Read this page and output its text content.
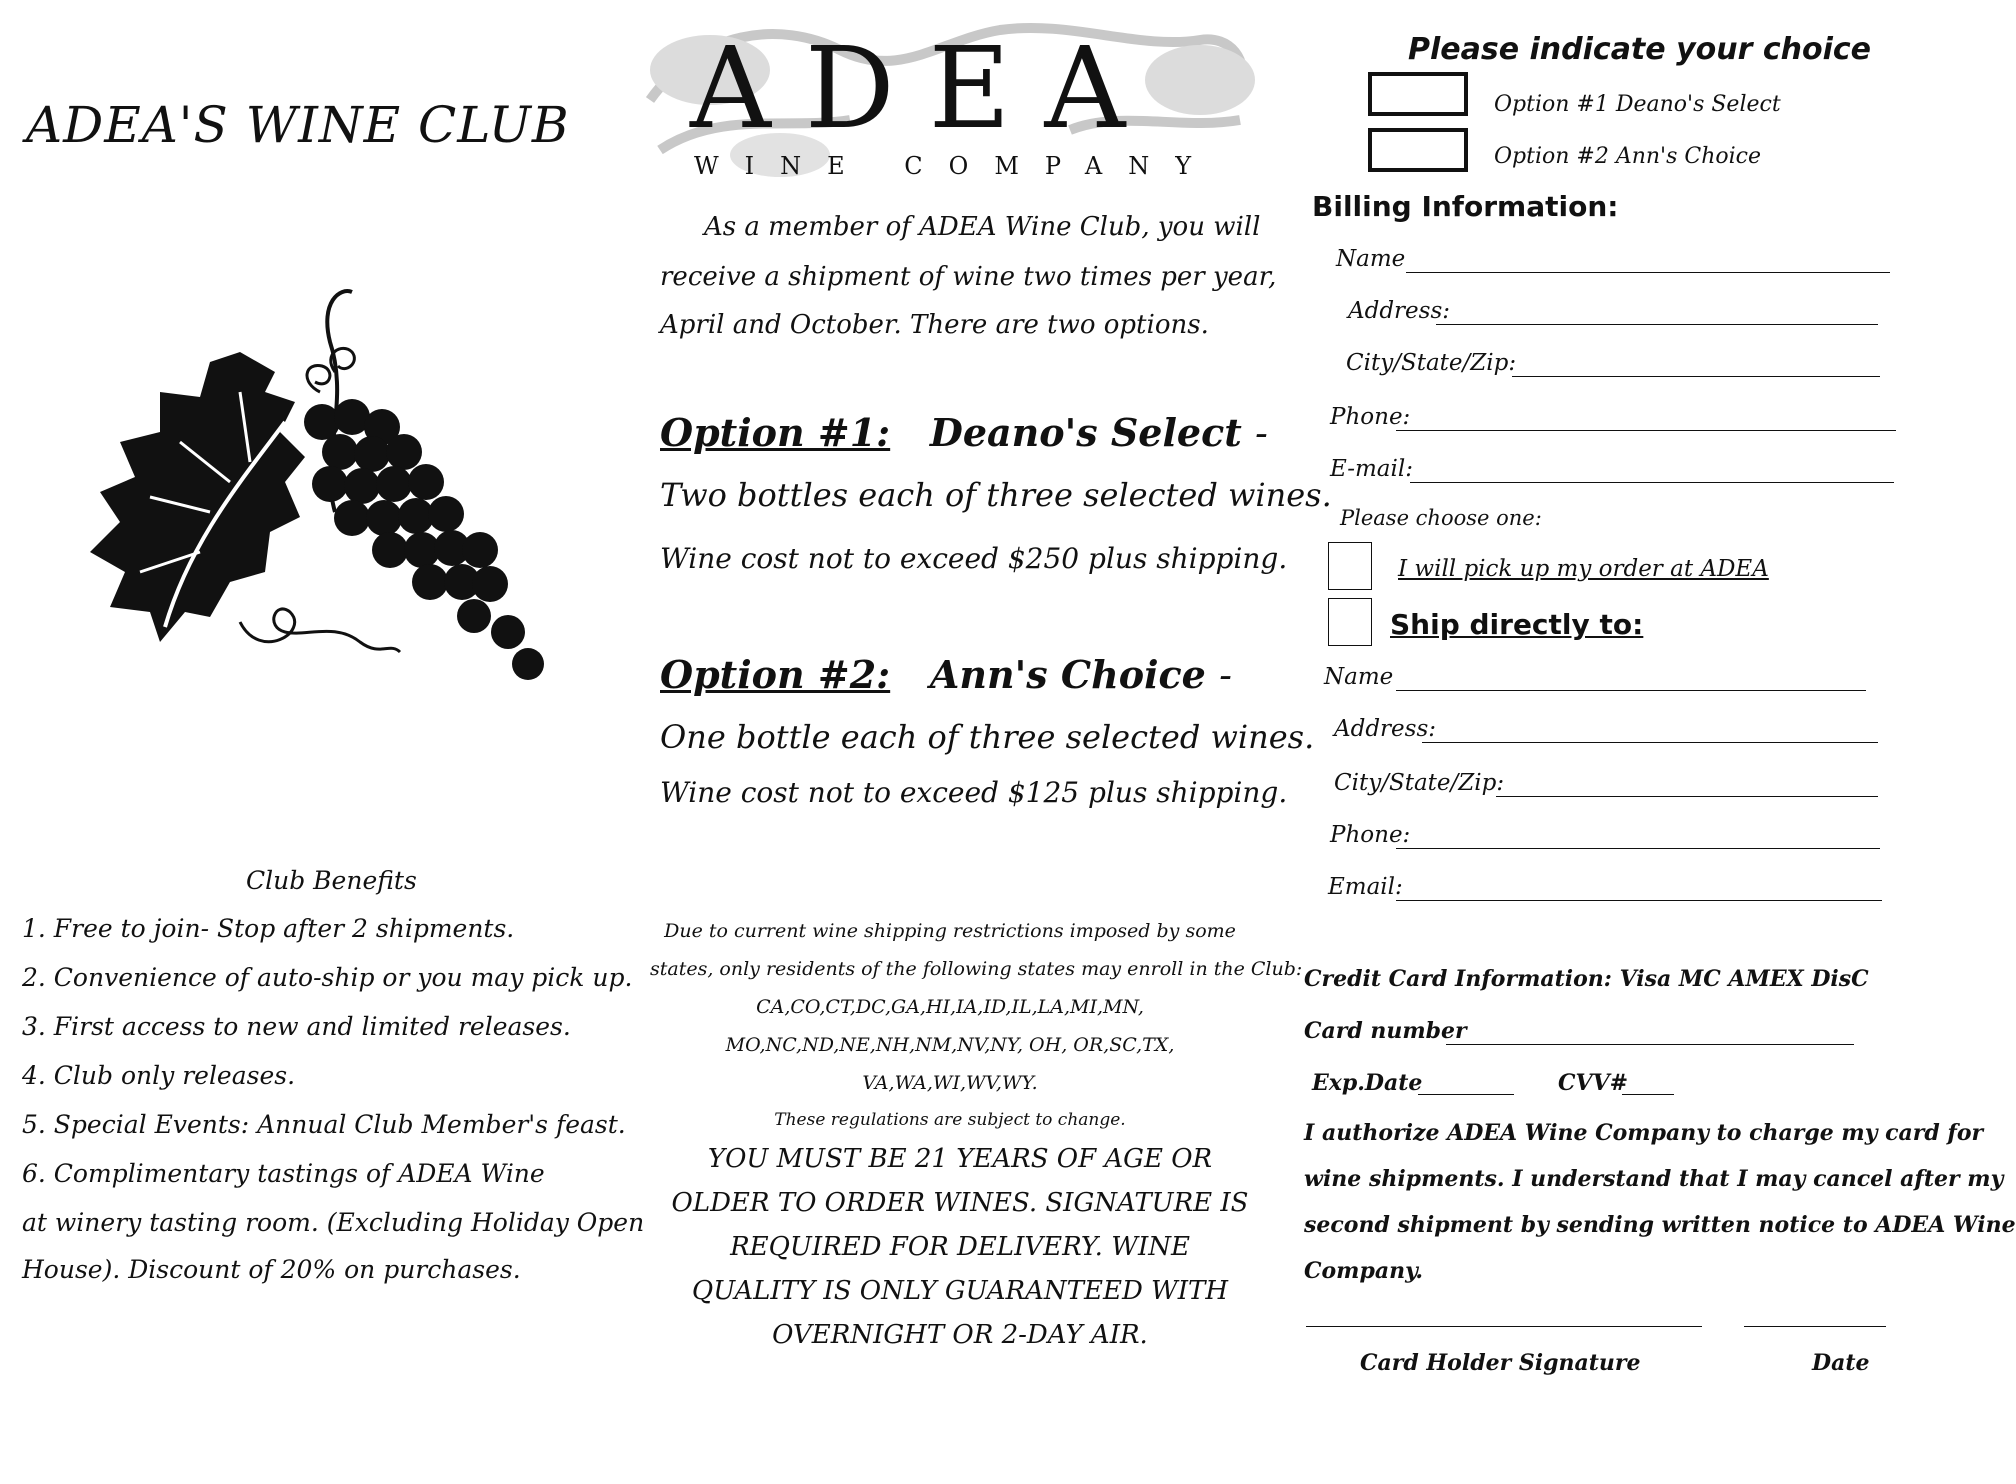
ADEA'S WINE CLUB
Club Benefits
1. Free to join- Stop after 2 shipments.
2. Convenience of auto-ship or you may pick up.
3. First access to new and limited releases.
4. Club only releases.
5. Special Events: Annual Club Member's feast.
6. Complimentary tastings of ADEA Wine
at winery tasting room. (Excluding Holiday Open
House). Discount of 20% on purchases.
ADEA
WINE COMPANY
As a member of ADEA Wine Club, you will
receive a shipment of wine two times per year,
April and October. There are two options.
Option #1: Deano's Select -
Two bottles each of three selected wines.
Wine cost not to exceed $250 plus shipping.
Option #2: Ann's Choice -
One bottle each of three selected wines.
Wine cost not to exceed $125 plus shipping.
Due to current wine shipping restrictions imposed by some
states, only residents of the following states may enroll in the Club:
CA,CO,CT,DC,GA,HI,IA,ID,IL,LA,MI,MN,
MO,NC,ND,NE,NH,NM,NV,NY, OH, OR,SC,TX,
VA,WA,WI,WV,WY.
These regulations are subject to change.
YOU MUST BE 21 YEARS OF AGE OR
OLDER TO ORDER WINES. SIGNATURE IS
REQUIRED FOR DELIVERY. WINE
QUALITY IS ONLY GUARANTEED WITH
OVERNIGHT OR 2-DAY AIR.
Please indicate your choice
Option #1 Deano's Select
Option #2 Ann's Choice
Billing Information:
Name
Address:
City/State/Zip:
Phone:
E-mail:
Please choose one:
I will pick up my order at ADEA
Ship directly to:
Name
Address:
City/State/Zip:
Phone:
Email:
Credit Card Information: Visa MC AMEX DisC
Card number
Exp.Date	CVV#
I authorize ADEA Wine Company to charge my card for
wine shipments. I understand that I may cancel after my
second shipment by sending written notice to ADEA Wine
Company.
Card Holder Signature	Date
